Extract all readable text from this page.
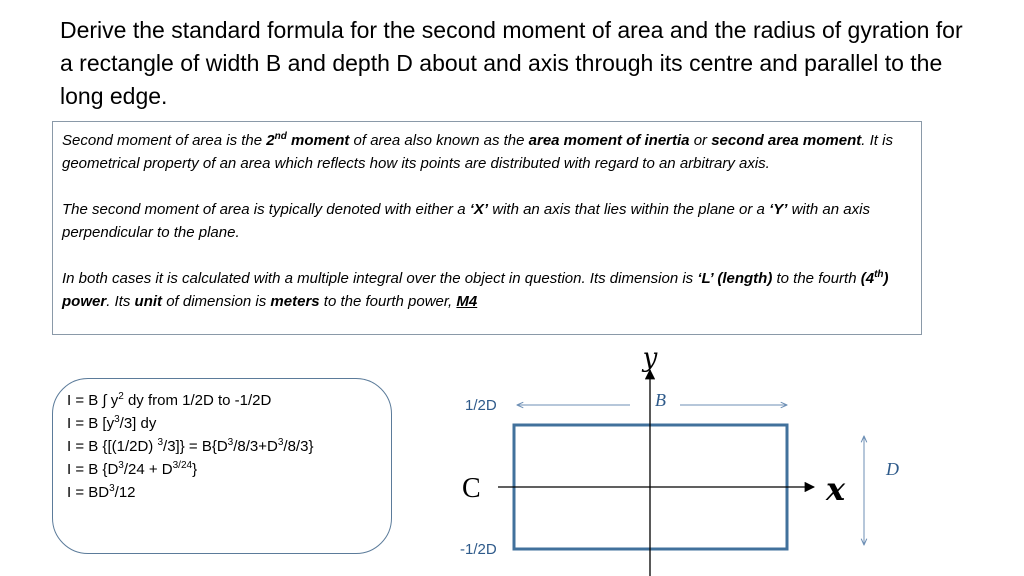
Derive the standard formula for the second moment of area and the radius of gyration for a rectangle of width B and depth D about and axis through its centre and parallel to the long edge.

Second moment of area is the 2nd moment of area also known as the area moment of inertia or second area moment. It is geometrical property of an area which reflects how its points are distributed with regard to an arbitrary axis.

The second moment of area is typically denoted with either a ‘X’ with an axis that lies within the plane or a ‘Y’ with an axis perpendicular to the plane.

In both cases it is calculated with a multiple integral over the object in question. Its dimension is ‘L’ (length) to the fourth (4th) power. Its unit of dimension is meters to the fourth power, M4

I = B ∫ $y^2$ dy from 1/2D to -1/2D
I = B $[y^3/3]$ dy
I = B {[(1/2D) $^3/3]\} = B\{D^3/8/3+D^3/8/3\}$
I = B $\{D^3/24 + D^{3/24}\}$
$I = BD^3/12$
y
x
C
B
D
1/2D
-1/2D
